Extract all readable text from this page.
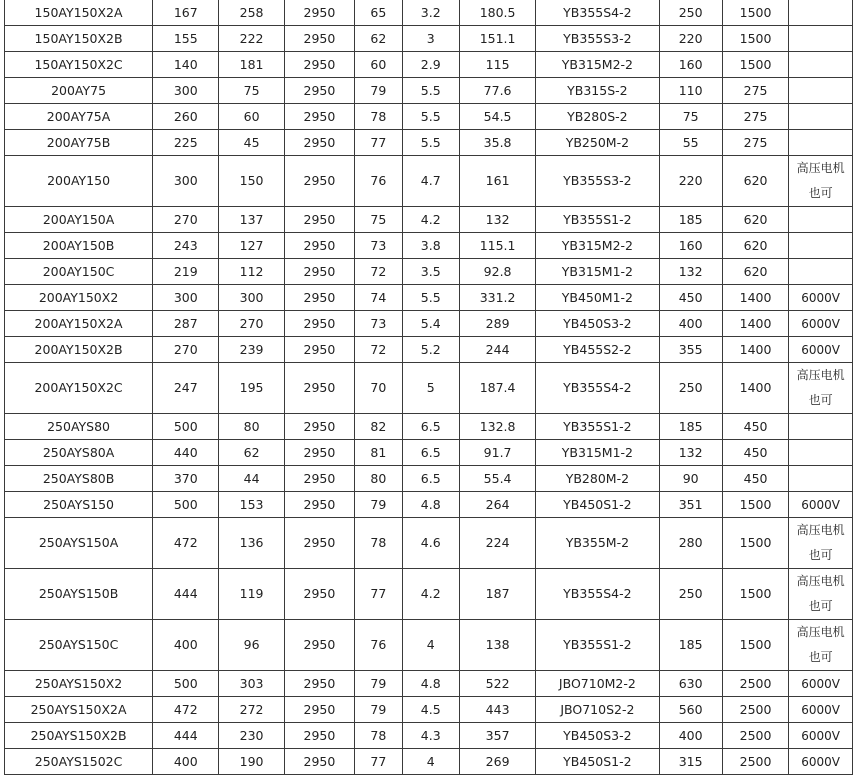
150AY150X2A	167	258	2950	65	3.2	180.5	YB355S4-2	250	1500	
150AY150X2B	155	222	2950	62	3	151.1	YB355S3-2	220	1500	
150AY150X2C	140	181	2950	60	2.9	115	YB315M2-2	160	1500	
200AY75	300	75	2950	79	5.5	77.6	YB315S-2	110	275	
200AY75A	260	60	2950	78	5.5	54.5	YB280S-2	75	275	
200AY75B	225	45	2950	77	5.5	35.8	YB250M-2	55	275	
200AY150	300	150	2950	76	4.7	161	YB355S3-2	220	620	高压电机也可
200AY150A	270	137	2950	75	4.2	132	YB355S1-2	185	620	
200AY150B	243	127	2950	73	3.8	115.1	YB315M2-2	160	620	
200AY150C	219	112	2950	72	3.5	92.8	YB315M1-2	132	620	
200AY150X2	300	300	2950	74	5.5	331.2	YB450M1-2	450	1400	6000V
200AY150X2A	287	270	2950	73	5.4	289	YB450S3-2	400	1400	6000V
200AY150X2B	270	239	2950	72	5.2	244	YB455S2-2	355	1400	6000V
200AY150X2C	247	195	2950	70	5	187.4	YB355S4-2	250	1400	高压电机也可
250AYS80	500	80	2950	82	6.5	132.8	YB355S1-2	185	450	
250AYS80A	440	62	2950	81	6.5	91.7	YB315M1-2	132	450	
250AYS80B	370	44	2950	80	6.5	55.4	YB280M-2	90	450	
250AYS150	500	153	2950	79	4.8	264	YB450S1-2	351	1500	6000V
250AYS150A	472	136	2950	78	4.6	224	YB355M-2	280	1500	高压电机也可
250AYS150B	444	119	2950	77	4.2	187	YB355S4-2	250	1500	高压电机也可
250AYS150C	400	96	2950	76	4	138	YB355S1-2	185	1500	高压电机也可
250AYS150X2	500	303	2950	79	4.8	522	JBO710M2-2	630	2500	6000V
250AYS150X2A	472	272	2950	79	4.5	443	JBO710S2-2	560	2500	6000V
250AYS150X2B	444	230	2950	78	4.3	357	YB450S3-2	400	2500	6000V
250AYS1502C	400	190	2950	77	4	269	YB450S1-2	315	2500	6000V
